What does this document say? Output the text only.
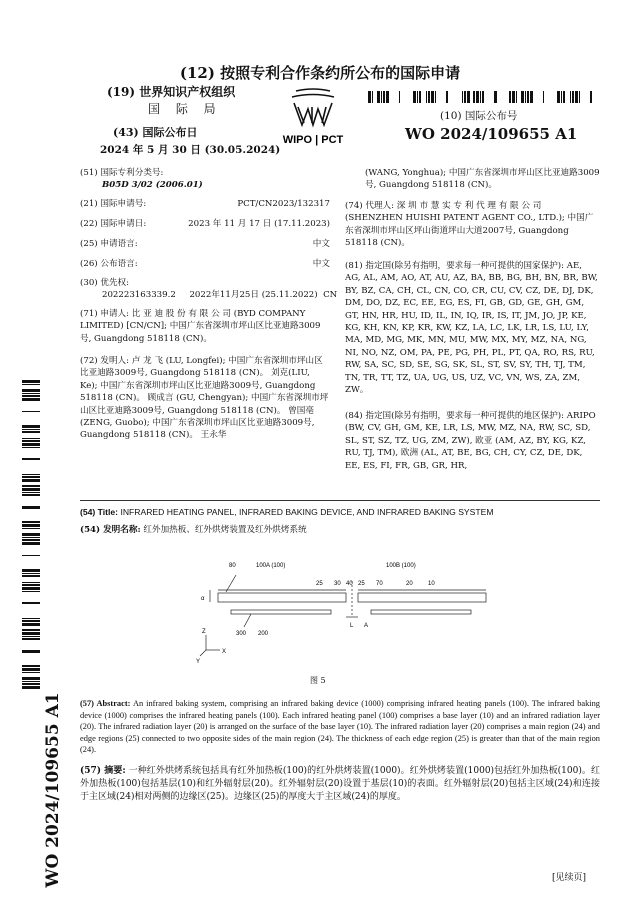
(12) 按照专利合作条约所公布的国际申请
(19) 世界知识产权组织
国 际 局
(43) 国际公布日
2024 年 5 月 30 日 (30.05.2024)
WIPO | PCT
(10) 国际公布号
WO 2024/109655 A1
WO 2024/109655 A1
(51) 国际专利分类号:
B05D 3/02 (2006.01)
(21) 国际申请号:	PCT/CN2023/132317
(22) 国际申请日:	2023 年 11 月 17 日 (17.11.2023)
(25) 申请语言:	中文
(26) 公布语言:	中文
(30) 优先权:
202223163339.2     2022年11月25日 (25.11.2022)  CN
(71) 申请人: 比 亚 迪 股 份 有 限 公 司 (BYD COMPANY LIMITED) [CN/CN]; 中国广东省深圳市坪山区比亚迪路3009号, Guangdong 518118 (CN)。
(72) 发明人: 卢 龙 飞 (LU, Longfei); 中国广东省深圳市坪山区比亚迪路3009号, Guangdong 518118 (CN)。 刘克(LIU, Ke); 中国广东省深圳市坪山区比亚迪路3009号, Guangdong 518118 (CN)。 顾成言 (GU, Chengyan); 中国广东省深圳市坪山区比亚迪路3009号, Guangdong 518118 (CN)。 曾国亳(ZENG, Guobo); 中国广东省深圳市坪山区比亚迪路3009号, Guangdong 518118 (CN)。 王永华
(WANG, Yonghua); 中国广东省深圳市坪山区比亚迪路3009号, Guangdong 518118 (CN)。
(74) 代理人: 深 圳 市 慧 实 专 利 代 理 有 限 公 司 (SHENZHEN HUISHI PATENT AGENT CO., LTD.); 中国广东省深圳市坪山区坪山街道坪山大道2007号, Guangdong 518118 (CN)。
(81) 指定国(除另有指明，要求每一种可提供的国家保护): AE, AG, AL, AM, AO, AT, AU, AZ, BA, BB, BG, BH, BN, BR, BW, BY, BZ, CA, CH, CL, CN, CO, CR, CU, CV, CZ, DE, DJ, DK, DM, DO, DZ, EC, EE, EG, ES, FI, GB, GD, GE, GH, GM, GT, HN, HR, HU, ID, IL, IN, IQ, IR, IS, IT, JM, JO, JP, KE, KG, KH, KN, KP, KR, KW, KZ, LA, LC, LK, LR, LS, LU, LY, MA, MD, MG, MK, MN, MU, MW, MX, MY, MZ, NA, NG, NI, NO, NZ, OM, PA, PE, PG, PH, PL, PT, QA, RO, RS, RU, RW, SA, SC, SD, SE, SG, SK, SL, ST, SV, SY, TH, TJ, TM, TN, TR, TT, TZ, UA, UG, US, UZ, VC, VN, WS, ZA, ZM, ZW。
(84) 指定国(除另有指明，要求每一种可提供的地区保护): ARIPO (BW, CV, GH, GM, KE, LR, LS, MW, MZ, NA, RW, SC, SD, SL, ST, SZ, TZ, UG, ZM, ZW), 欧亚 (AM, AZ, BY, KG, KZ, RU, TJ, TM), 欧洲 (AL, AT, BE, BG, CH, CY, CZ, DE, DK, EE, ES, FI, FR, GB, GR, HR,
(54) Title: INFRARED HEATING PANEL, INFRARED BAKING DEVICE, AND INFRARED BAKING SYSTEM
(54) 发明名称: 红外加热板、红外烘烤装置及红外烘烤系统
80	100A (100)	100B (100)
25 30 40 25 70	20	10
α
L A
300 200
Z
X
Y
图 5
(57) Abstract: An infrared baking system, comprising an infrared baking device (1000) comprising infrared heating panels (100). The infrared baking device (1000) comprises the infrared heating panels (100). Each infrared heating panel (100) comprises a base layer (10) and an infrared radiation layer (20). The infrared radiation layer (20) is arranged on the surface of the base layer (10). The infrared radiation layer (20) comprises a main region (24) and edge regions (25) connected to two opposite sides of the main region (24). The thickness of each edge region (25) is greater than that of the main region (24).
(57) 摘要: 一种红外烘烤系统包括具有红外加热板(100)的红外烘烤装置(1000)。红外烘烤装置(1000)包括红外加热板(100)。红外加热板(100)包括基层(10)和红外辐射层(20)。红外辐射层(20)设置于基层(10)的表面。红外辐射层(20)包括主区域(24)和连接于主区域(24)相对两侧的边缘区(25)。边缘区(25)的厚度大于主区域(24)的厚度。
[见续页]
